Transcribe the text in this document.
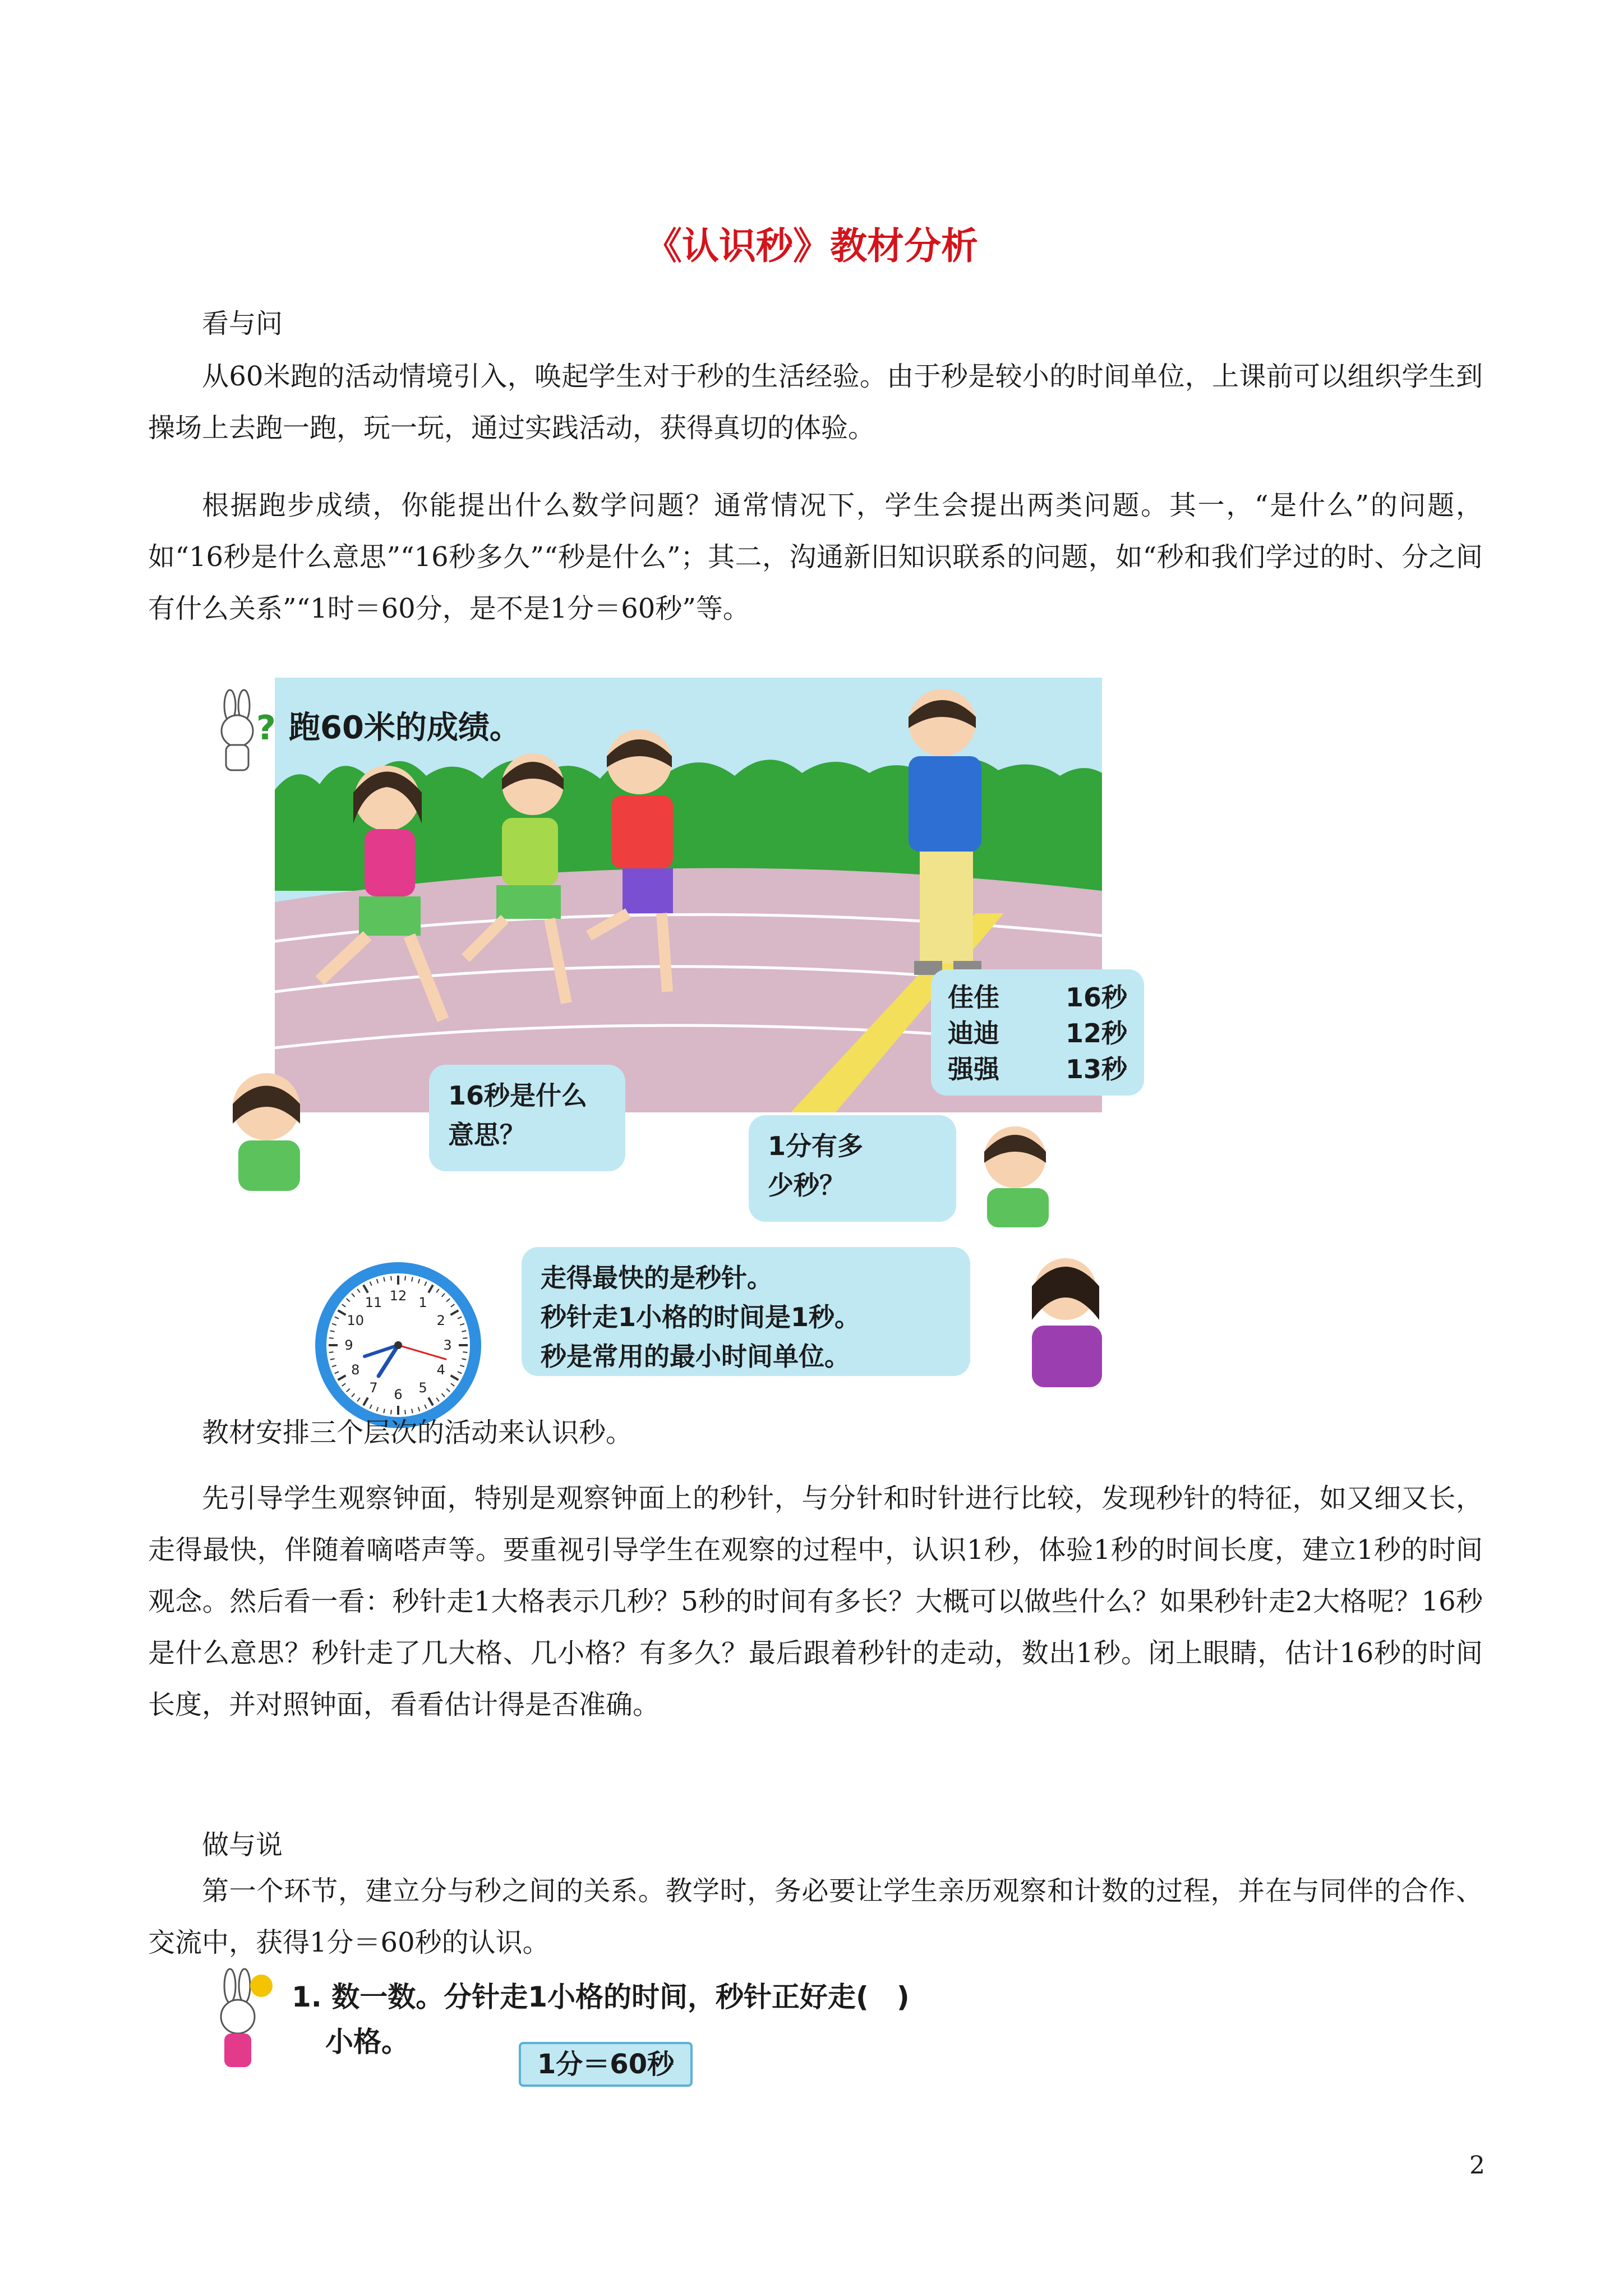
《认识秒》教材分析
看与问
从60米跑的活动情境引入，唤起学生对于秒的生活经验。由于秒是较小的时间单位，上课前可以组织学生到操场上去跑一跑，玩一玩，通过实践活动，获得真切的体验。
根据跑步成绩，你能提出什么数学问题？通常情况下，学生会提出两类问题。其一，“是什么”的问题，如“16秒是什么意思”“16秒多久”“秒是什么”；其二，沟通新旧知识联系的问题，如“秒和我们学过的时、分之间有什么关系”“1时＝60分，是不是1分＝60秒”等。
跑60米的成绩。
佳佳	16秒
迪迪	12秒
强强	13秒
?
12 1
2
3
4
5
6
7
8
9
10
11
16秒是什么
意思？	1分有多
少秒？
走得最快的是秒针。
秒针走1小格的时间是1秒。
秒是常用的最小时间单位。
教材安排三个层次的活动来认识秒。
先引导学生观察钟面，特别是观察钟面上的秒针，与分针和时针进行比较，发现秒针的特征，如又细又长，走得最快，伴随着嘀嗒声等。要重视引导学生在观察的过程中，认识1秒，体验1秒的时间长度，建立1秒的时间观念。然后看一看：秒针走1大格表示几秒？5秒的时间有多长？大概可以做些什么？如果秒针走2大格呢？16秒是什么意思？秒针走了几大格、几小格？有多久？最后跟着秒针的走动，数出1秒。闭上眼睛，估计16秒的时间长度，并对照钟面，看看估计得是否准确。
做与说
第一个环节，建立分与秒之间的关系。教学时，务必要让学生亲历观察和计数的过程，并在与同伴的合作、交流中，获得1分＝60秒的认识。
1. 数一数。分针走1小格的时间，秒针正好走(　)
小格。
1分＝60秒
2
